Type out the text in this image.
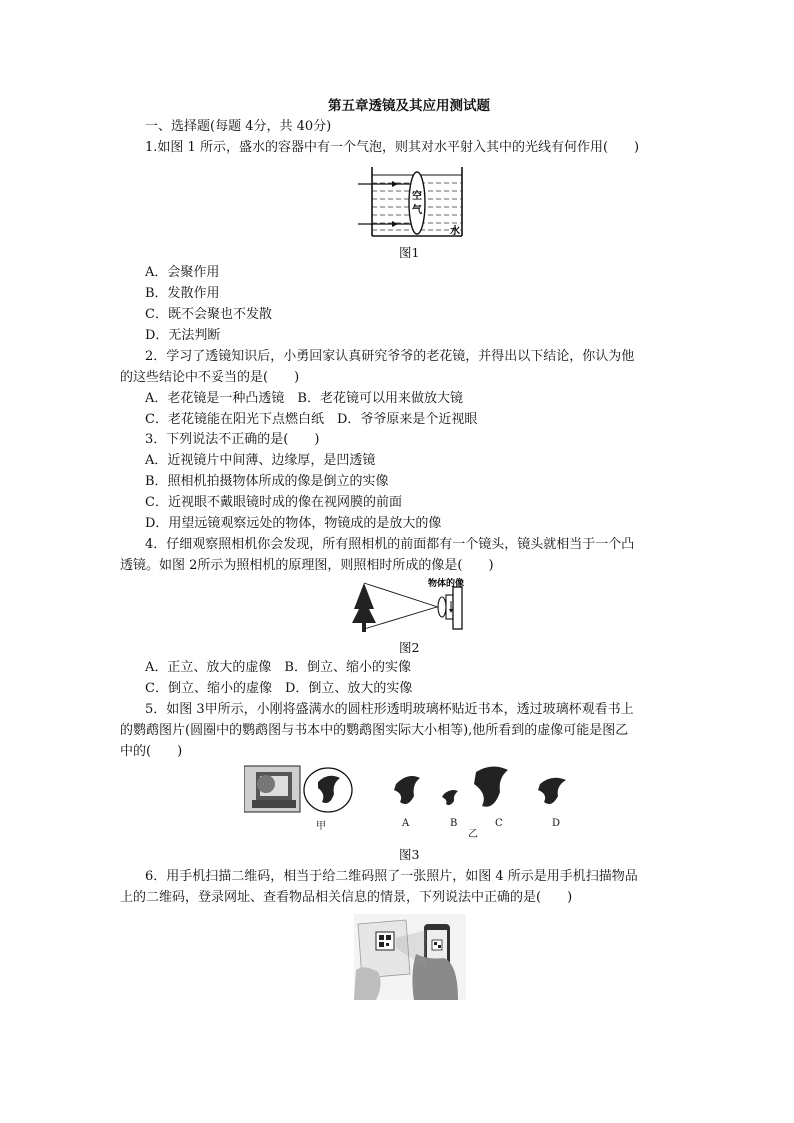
第五章透镜及其应用测试题
一、选择题(每题 4分，共 40分)
1.如图 1 所示，盛水的容器中有一个气泡，则其对水平射入其中的光线有何作用(　　)
空
气
水
图1
A．会聚作用
B．发散作用
C．既不会聚也不发散
D．无法判断
2．学习了透镜知识后，小勇回家认真研究爷爷的老花镜，并得出以下结论，你认为他
的这些结论中不妥当的是(　　)
A．老花镜是一种凸透镜　B．老花镜可以用来做放大镜
C．老花镜能在阳光下点燃白纸　D．爷爷原来是个近视眼
3．下列说法不正确的是(　　)
A．近视镜片中间薄、边缘厚，是凹透镜
B．照相机拍摄物体所成的像是倒立的实像
C．近视眼不戴眼镜时成的像在视网膜的前面
D．用望远镜观察远处的物体，物镜成的是放大的像
4．仔细观察照相机你会发现，所有照相机的前面都有一个镜头，镜头就相当于一个凸
透镜。如图 2所示为照相机的原理图，则照相时所成的像是(　　)
物体的像
图2
A．正立、放大的虚像　B．倒立、缩小的实像
C．倒立、缩小的虚像　D．倒立、放大的实像
5．如图 3甲所示，小刚将盛满水的圆柱形透明玻璃杯贴近书本，透过玻璃杯观看书上
的鹦鹉图片(圆圈中的鹦鹉图与书本中的鹦鹉图实际大小相等),他所看到的虚像可能是图乙
中的(　　)
甲	A	B	C	D
乙
图3
6．用手机扫描二维码，相当于给二维码照了一张照片，如图 4 所示是用手机扫描物品
上的二维码，登录网址、查看物品相关信息的情景，下列说法中正确的是(　　)
